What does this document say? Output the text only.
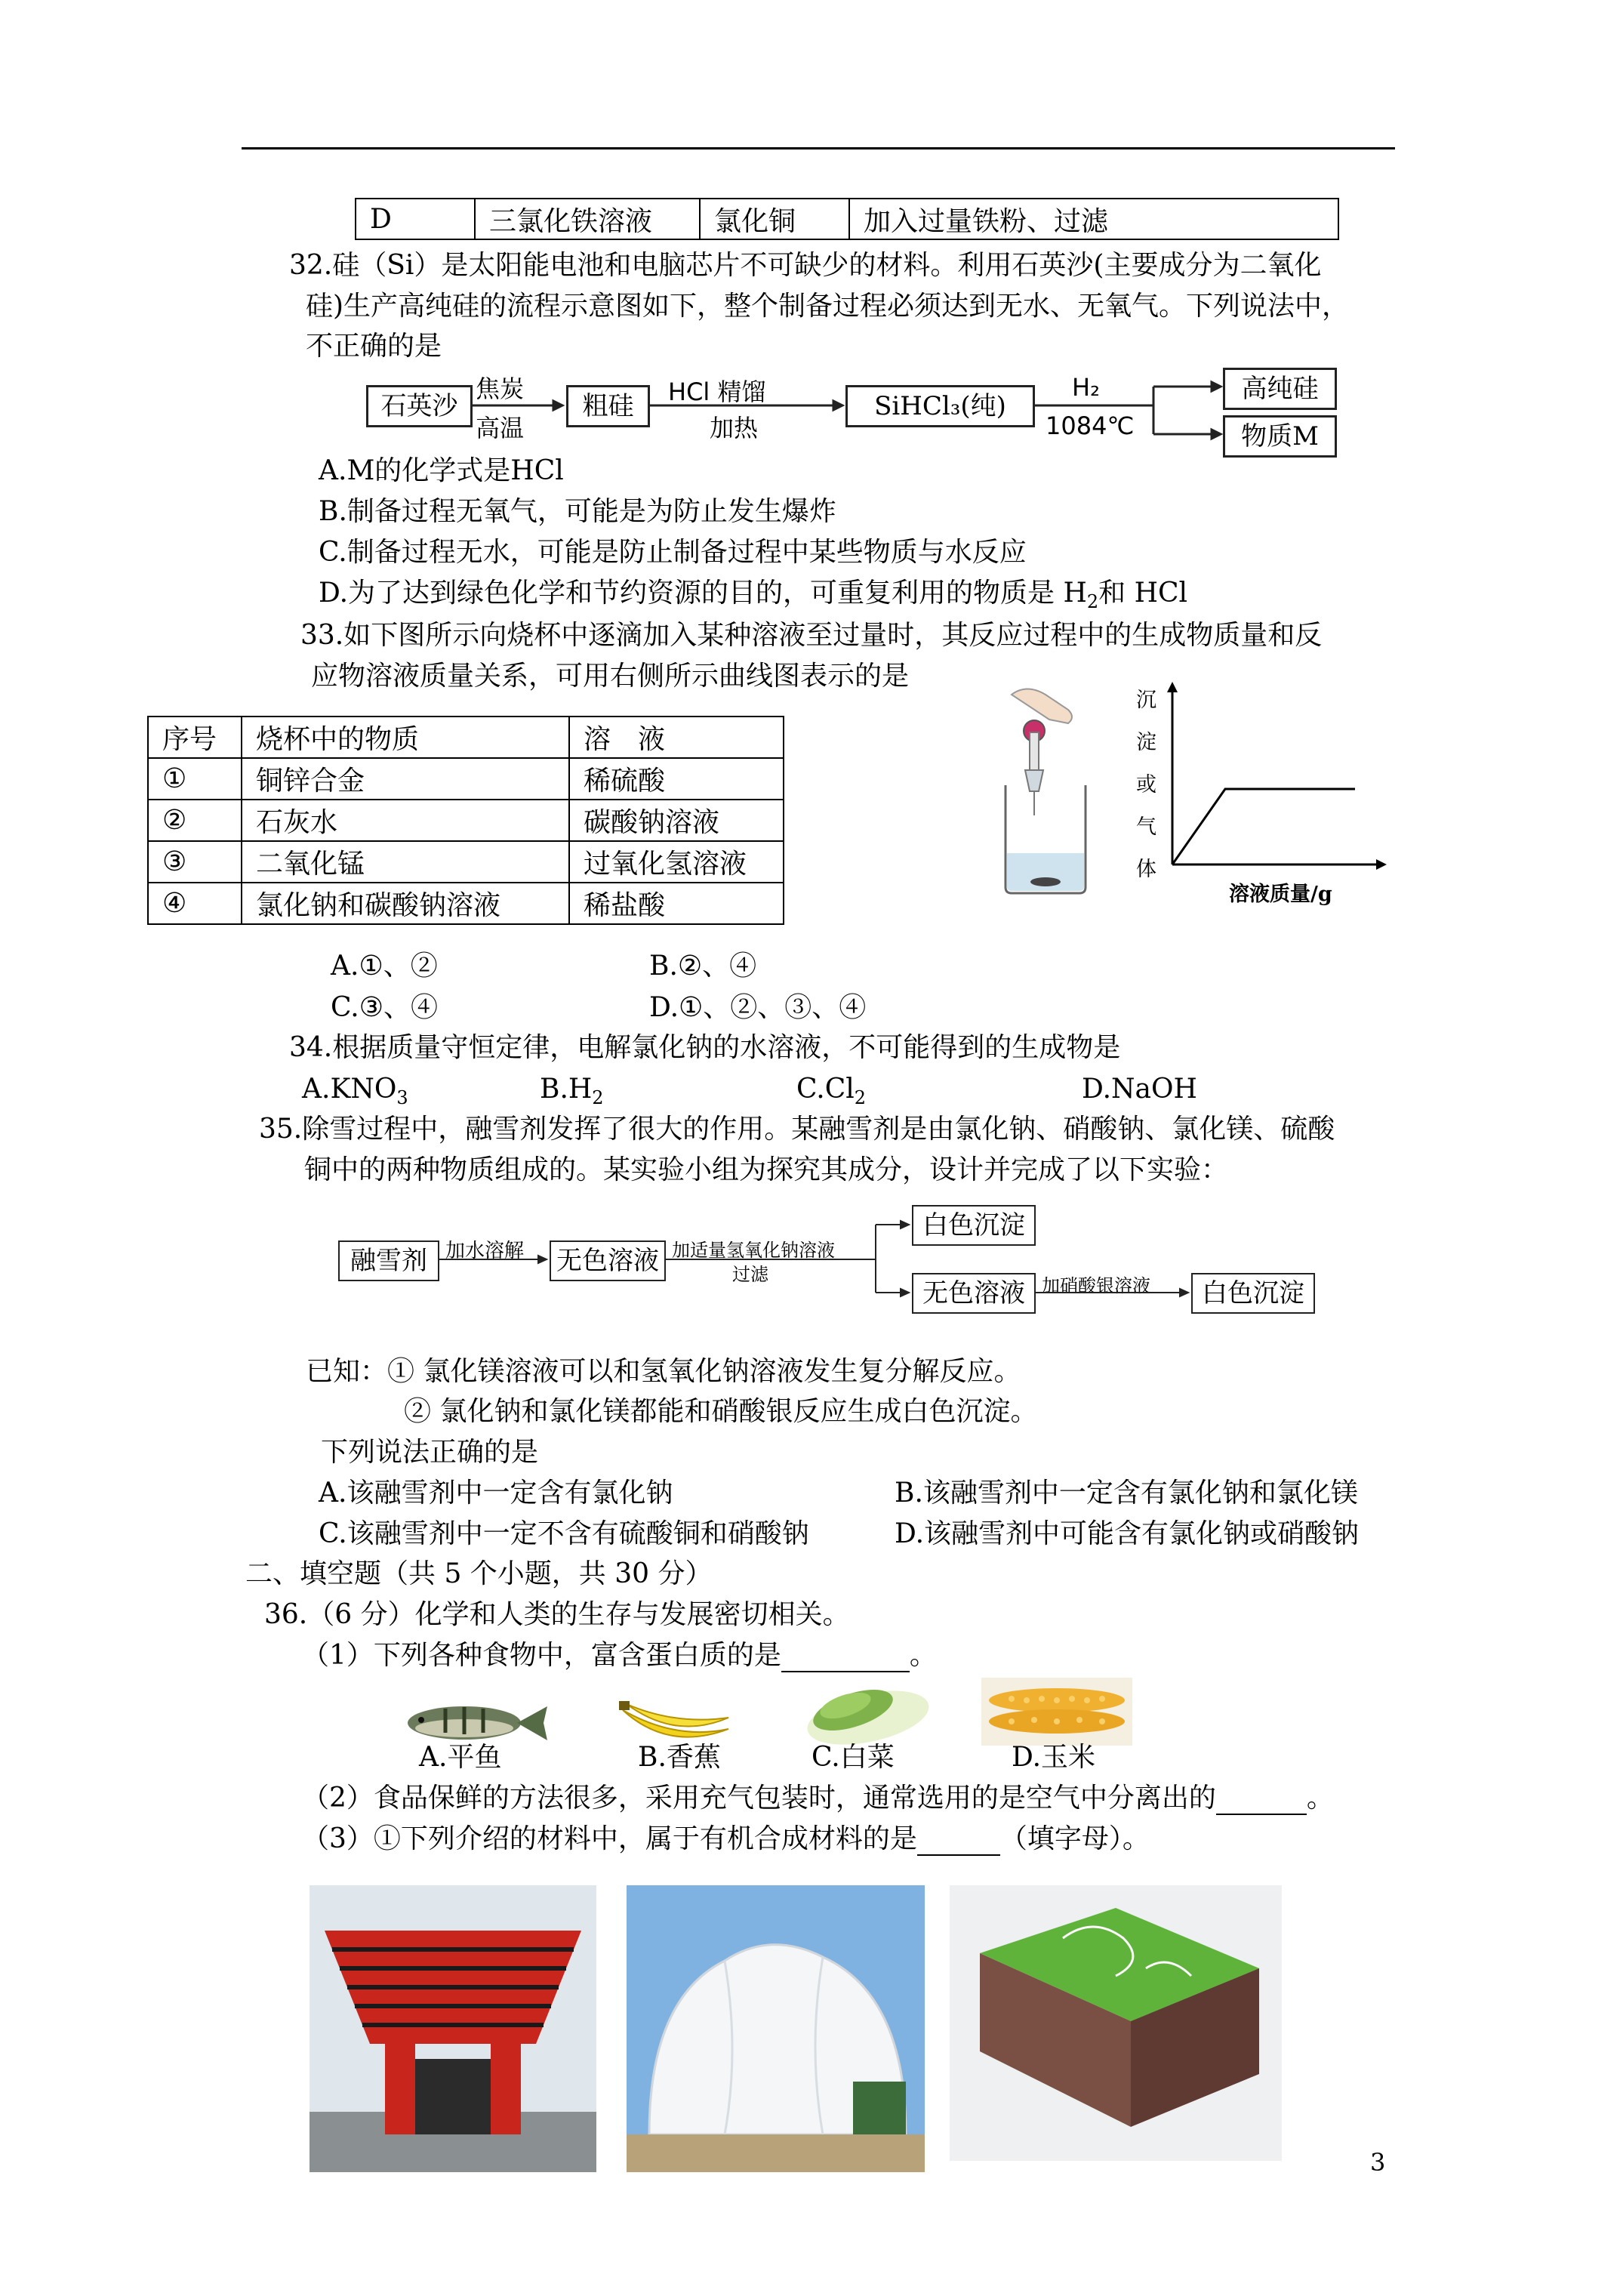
D	三氯化铁溶液	氯化铜	加入过量铁粉、过滤
32.硅（Si）是太阳能电池和电脑芯片不可缺少的材料。利用石英沙(主要成分为二氧化
硅)生产高纯硅的流程示意图如下，整个制备过程必须达到无水、无氧气。下列说法中，
不正确的是
石英沙
焦炭
高温
粗硅	HCl 精馏
加热
SiHCl₃(纯)
H₂
1084℃
高纯硅
物质M
A.M的化学式是HCl
B.制备过程无氧气，可能是为防止发生爆炸
C.制备过程无水，可能是防止制备过程中某些物质与水反应
D.为了达到绿色化学和节约资源的目的，可重复利用的物质是 $H_2$和 HCl
33.如下图所示向烧杯中逐滴加入某种溶液至过量时，其反应过程中的生成物质量和反
应物溶液质量关系，可用右侧所示曲线图表示的是
序号	烧杯中的物质	溶　液
①	铜锌合金	稀硫酸
②	石灰水	碳酸钠溶液
③	二氧化锰	过氧化氢溶液
④	氯化钠和碳酸钠溶液	稀盐酸
沉
淀
或
气
体
溶液质量/g
A.①、②	B.②、④
C.③、④	D.①、②、③、④
34.根据质量守恒定律，电解氯化钠的水溶液，不可能得到的生成物是
$A.KNO_3$	$B.H_2$	$C.Cl_2$	D.NaOH
35.除雪过程中，融雪剂发挥了很大的作用。某融雪剂是由氯化钠、硝酸钠、氯化镁、硫酸
铜中的两种物质组成的。某实验小组为探究其成分，设计并完成了以下实验：
融雪剂 加水溶解 无色溶液 加适量氢氧化钠溶液
过滤
白色沉淀
无色溶液 加硝酸银溶液	白色沉淀
已知：① 氯化镁溶液可以和氢氧化钠溶液发生复分解反应。
② 氯化钠和氯化镁都能和硝酸银反应生成白色沉淀。
下列说法正确的是
A.该融雪剂中一定含有氯化钠	B.该融雪剂中一定含有氯化钠和氯化镁
C.该融雪剂中一定不含有硫酸铜和硝酸钠	D.该融雪剂中可能含有氯化钠或硝酸钠
二、填空题（共 5 个小题，共 30 分）
36.（6 分）化学和人类的生存与发展密切相关。
（1）下列各种食物中，富含蛋白质的是	。
A.平鱼	B.香蕉	C.白菜	D.玉米
（2）食品保鲜的方法很多，采用充气包装时，通常选用的是空气中分离出的	。
（3）①下列介绍的材料中，属于有机合成材料的是	（填字母）。
3
